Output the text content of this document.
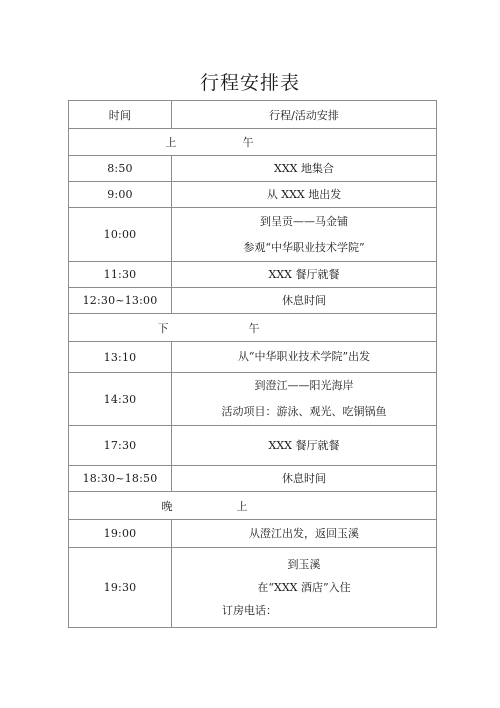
行程安排表
时间	行程/活动安排
上 午	
8:50	XXX 地集合

9:00	从 XXX 地出发

10:00	到呈贡——马金铺
参观“中华职业技术学院”

11:30	XXX 餐厅就餐

12:30~13:00	休息时间

下 午	
13:10	从“中华职业技术学院”出发

14:30	到澄江——阳光海岸
活动项目：游泳、观光、吃铜锅鱼

17:30	XXX 餐厅就餐

18:30~18:50	休息时间

晚 上	
19:00	从澄江出发，返回玉溪

19:30	到玉溪
在“XXX 酒店”入住
订房电话：
